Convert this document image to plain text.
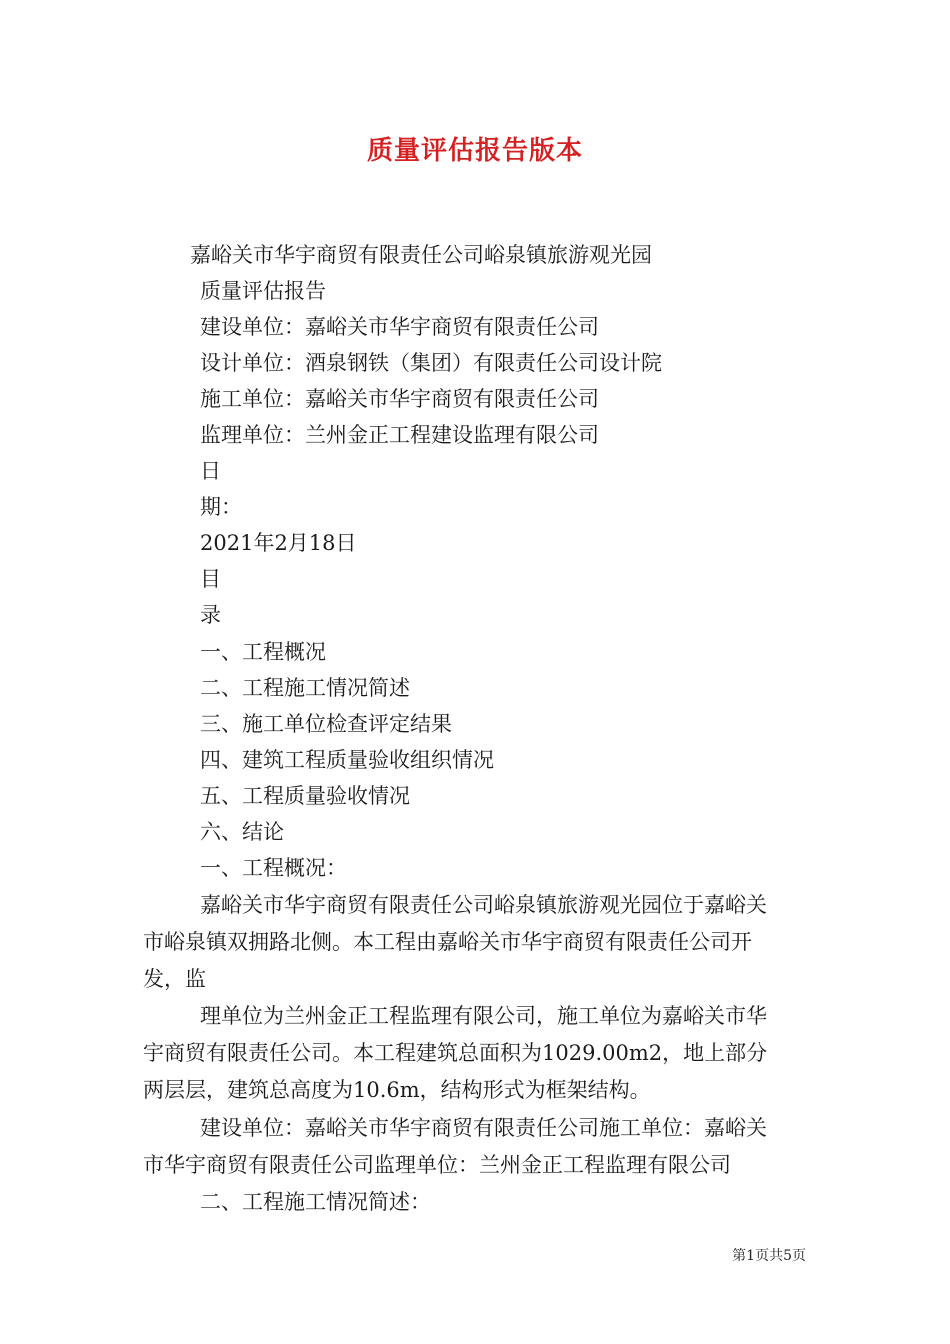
质量评估报告版本
嘉峪关市华宇商贸有限责任公司峪泉镇旅游观光园
质量评估报告
建设单位：嘉峪关市华宇商贸有限责任公司
设计单位：酒泉钢铁（集团）有限责任公司设计院
施工单位：嘉峪关市华宇商贸有限责任公司
监理单位：兰州金正工程建设监理有限公司
日
期：
2021年2月18日
目
录
一、工程概况
二、工程施工情况简述
三、施工单位检查评定结果
四、建筑工程质量验收组织情况
五、工程质量验收情况
六、结论
一、工程概况：
嘉峪关市华宇商贸有限责任公司峪泉镇旅游观光园位于嘉峪关
市峪泉镇双拥路北侧。本工程由嘉峪关市华宇商贸有限责任公司开
发，监
理单位为兰州金正工程监理有限公司，施工单位为嘉峪关市华
宇商贸有限责任公司。本工程建筑总面积为1029.00m2，地上部分
两层层，建筑总高度为10.6m，结构形式为框架结构。
建设单位：嘉峪关市华宇商贸有限责任公司施工单位：嘉峪关
市华宇商贸有限责任公司监理单位：兰州金正工程监理有限公司
二、工程施工情况简述：
第1页共5页
